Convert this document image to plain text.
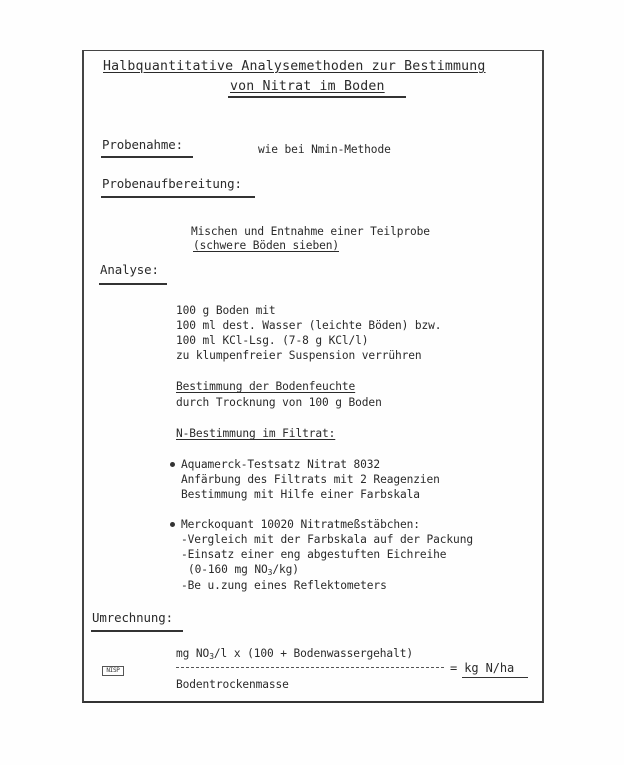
Halbquantitative Analysemethoden zur Bestimmung
von Nitrat im Boden
Probenahme:	wie bei Nmin-Methode
Probenaufbereitung:
Mischen und Entnahme einer Teilprobe
(schwere Böden sieben)
Analyse:
100 g Boden mit
100 ml dest. Wasser (leichte Böden) bzw.
100 ml KCl-Lsg. (7-8 g KCl/l)
zu klumpenfreier Suspension verrühren
Bestimmung der Bodenfeuchte
durch Trocknung von 100 g Boden
N-Bestimmung im Filtrat:
Aquamerck-Testsatz Nitrat 8032
Anfärbung des Filtrats mit 2 Reagenzien
Bestimmung mit Hilfe einer Farbskala
Merckoquant 10020 Nitratmeßstäbchen:
-Vergleich mit der Farbskala auf der Packung
-Einsatz einer eng abgestuften Eichreihe
(0-160 mg $NO_3/kg$)
-Be u.zung eines Reflektometers
Umrechnung:
mg $NO_3/l$ x (100 + Bodenwassergehalt)
= kg N/ha
Bodentrockenmasse
NISP
